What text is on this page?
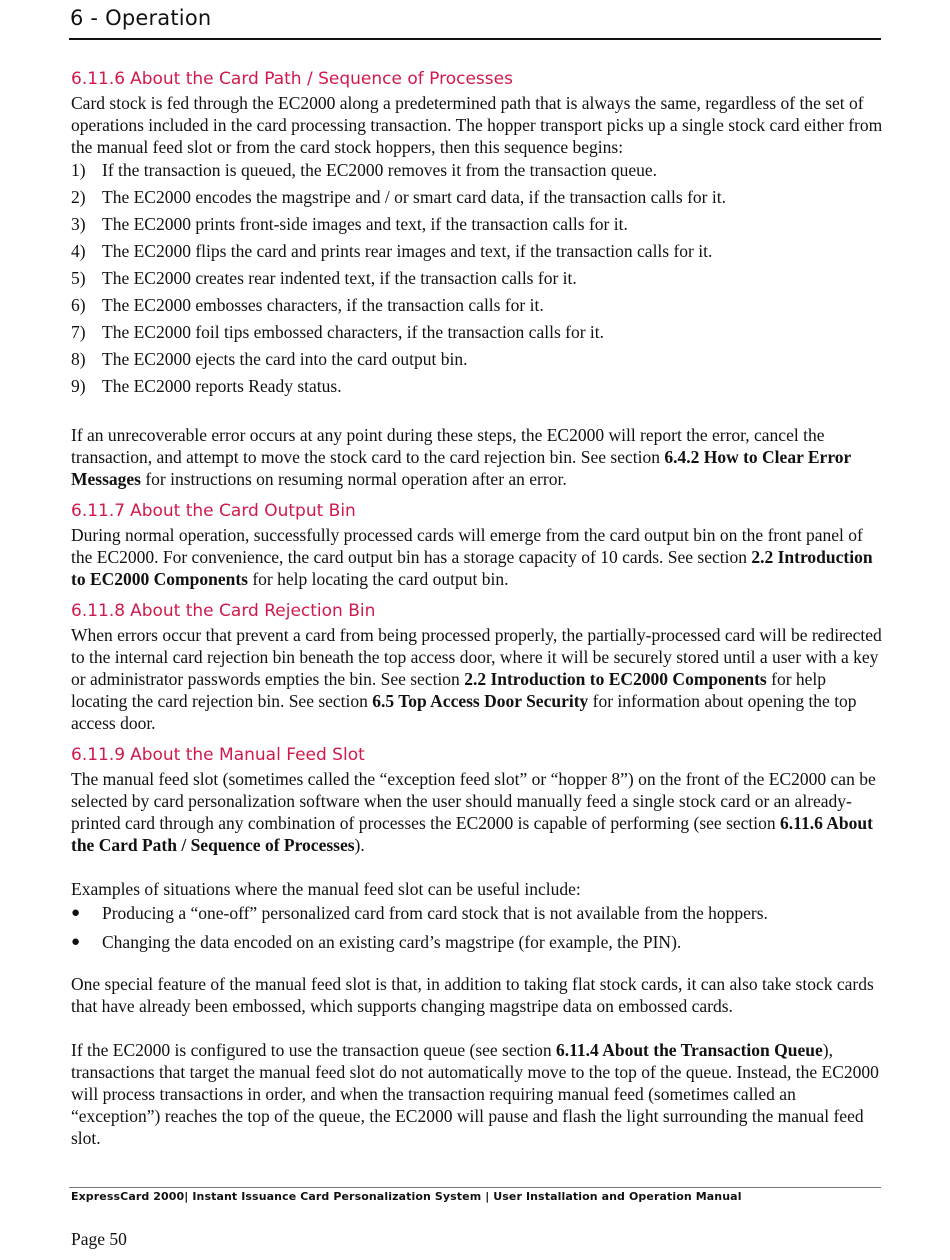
6 - Operation
6.11.6 About the Card Path / Sequence of Processes

Card stock is fed through the EC2000 along a predetermined path that is always the same, regardless of the set of operations included in the card processing transaction. The hopper transport picks up a single stock card either from the manual feed slot or from the card stock hoppers, then this sequence begins:

1) If the transaction is queued, the EC2000 removes it from the transaction queue.
2) The EC2000 encodes the magstripe and / or smart card data, if the transaction calls for it.
3) The EC2000 prints front-side images and text, if the transaction calls for it.
4) The EC2000 flips the card and prints rear images and text, if the transaction calls for it.
5) The EC2000 creates rear indented text, if the transaction calls for it.
6) The EC2000 embosses characters, if the transaction calls for it.
7) The EC2000 foil tips embossed characters, if the transaction calls for it.
8) The EC2000 ejects the card into the card output bin.
9) The EC2000 reports Ready status.

If an unrecoverable error occurs at any point during these steps, the EC2000 will report the error, cancel the transaction, and attempt to move the stock card to the card rejection bin. See section 6.4.2 How to Clear Error Messages for instructions on resuming normal operation after an error.

6.11.7 About the Card Output Bin

During normal operation, successfully processed cards will emerge from the card output bin on the front panel of the EC2000. For convenience, the card output bin has a storage capacity of 10 cards. See section 2.2 Introduction to EC2000 Components for help locating the card output bin.

6.11.8 About the Card Rejection Bin

When errors occur that prevent a card from being processed properly, the partially-processed card will be redirected to the internal card rejection bin beneath the top access door, where it will be securely stored until a user with a key or administrator passwords empties the bin. See section 2.2 Introduction to EC2000 Components for help locating the card rejection bin. See section 6.5 Top Access Door Security for information about opening the top access door.

6.11.9 About the Manual Feed Slot

The manual feed slot (sometimes called the “exception feed slot” or “hopper 8”) on the front of the EC2000 can be selected by card personalization software when the user should manually feed a single stock card or an already-printed card through any combination of processes the EC2000 is capable of performing (see section 6.11.6 About the Card Path / Sequence of Processes).

Examples of situations where the manual feed slot can be useful include:

●	Producing a “one-off” personalized card from card stock that is not available from the hoppers.
●	Changing the data encoded on an existing card’s magstripe (for example, the PIN).

One special feature of the manual feed slot is that, in addition to taking flat stock cards, it can also take stock cards that have already been embossed, which supports changing magstripe data on embossed cards.

If the EC2000 is configured to use the transaction queue (see section 6.11.4 About the Transaction Queue), transactions that target the manual feed slot do not automatically move to the top of the queue. Instead, the EC2000 will process transactions in order, and when the transaction requiring manual feed (sometimes called an “exception”) reaches the top of the queue, the EC2000 will pause and flash the light surrounding the manual feed slot.

ExpressCard 2000| Instant Issuance Card Personalization System | User Installation and Operation Manual

Page 50
